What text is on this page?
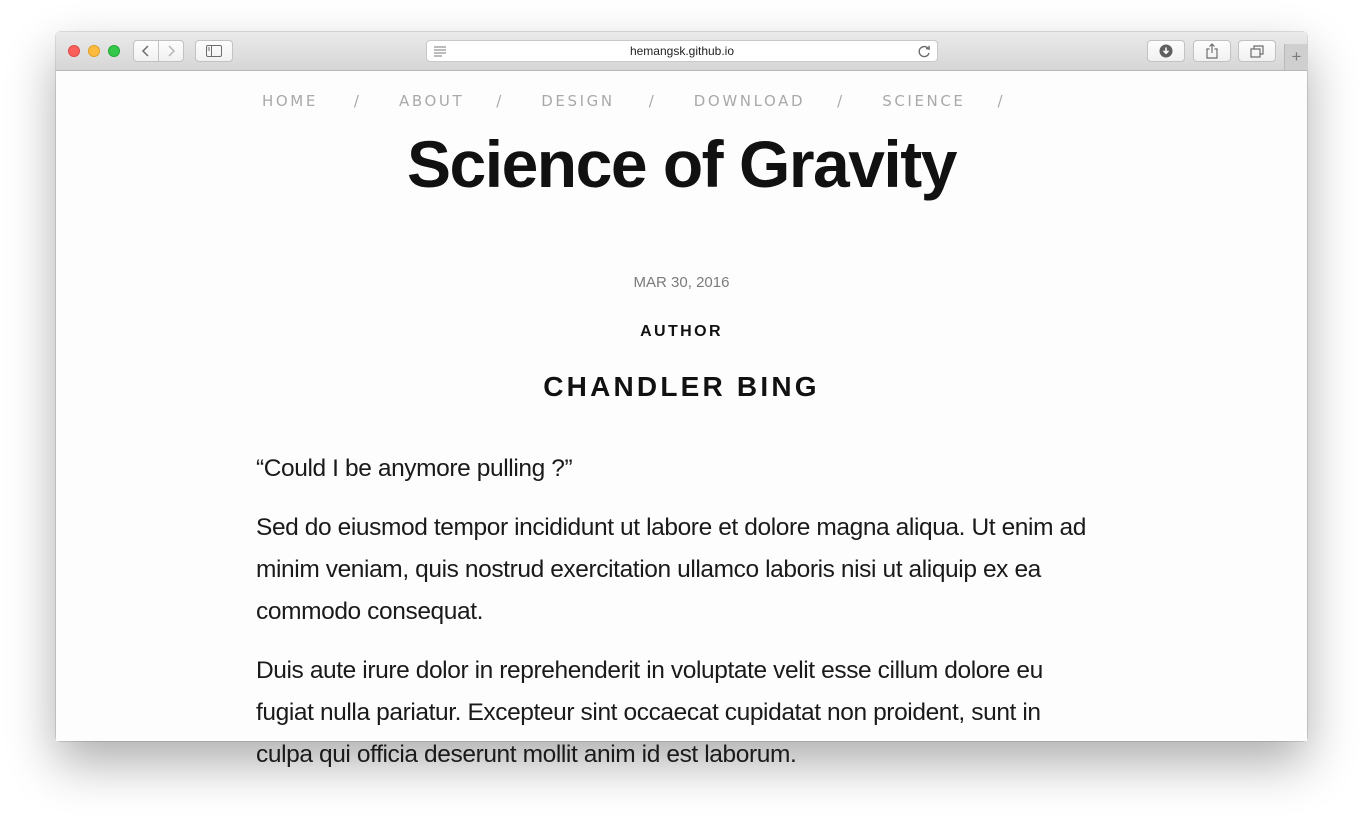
hemangsk.github.io	+
HOME /	ABOUT /	DESIGN /	DOWNLOAD /	SCIENCE /
Science of Gravity
MAR 30, 2016
AUTHOR
CHANDLER BING

“Could I be anymore pulling ?”

Sed do eiusmod tempor incididunt ut labore et dolore magna aliqua. Ut enim ad minim veniam, quis nostrud exercitation ullamco laboris nisi ut aliquip ex ea commodo consequat.

Duis aute irure dolor in reprehenderit in voluptate velit esse cillum dolore eu fugiat nulla pariatur. Excepteur sint occaecat cupidatat non proident, sunt in culpa qui officia deserunt mollit anim id est laborum.
